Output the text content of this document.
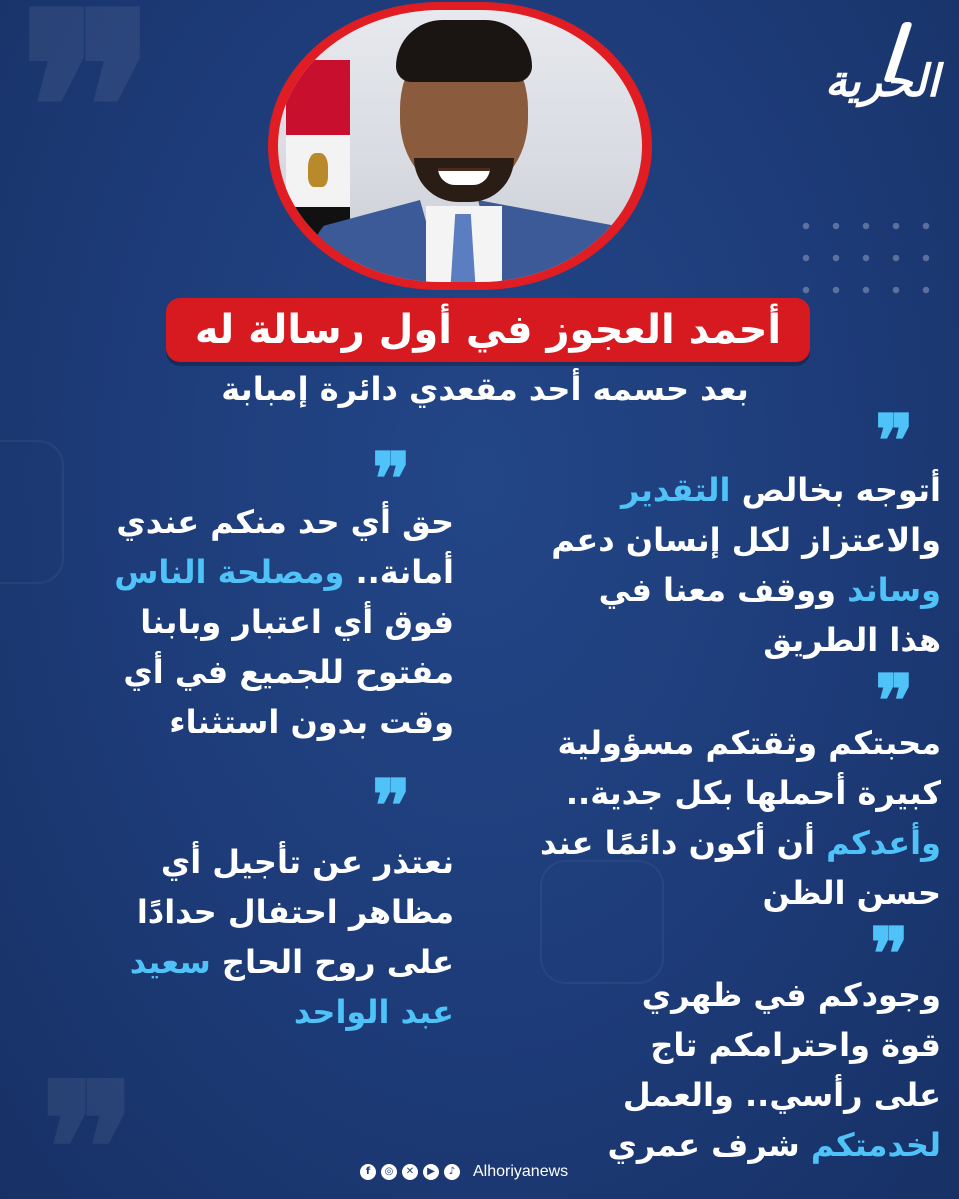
❞
❞
الحرية
أحمد العجوز في أول رسالة له
بعد حسمه أحد مقعدي دائرة إمبابة
❞
❞
❞
❞
❞
أتوجه بخالص التقدير
والاعتزاز لكل إنسان دعم
وساند ووقف معنا في
هذا الطريق
محبتكم وثقتكم مسؤولية
كبيرة أحملها بكل جدية..
وأعدكم أن أكون دائمًا عند
حسن الظن
وجودكم في ظهري
قوة واحترامكم تاج
على رأسي.. والعمل
لخدمتكم شرف عمري
حق أي حد منكم عندي
أمانة.. ومصلحة الناس
فوق أي اعتبار وبابنا
مفتوح للجميع في أي
وقت بدون استثناء
نعتذر عن تأجيل أي
مظاهر احتفال حدادًا
على روح الحاج سعيد
عبد الواحد
f	◎	✕	▶	♪	Alhoriyanews
